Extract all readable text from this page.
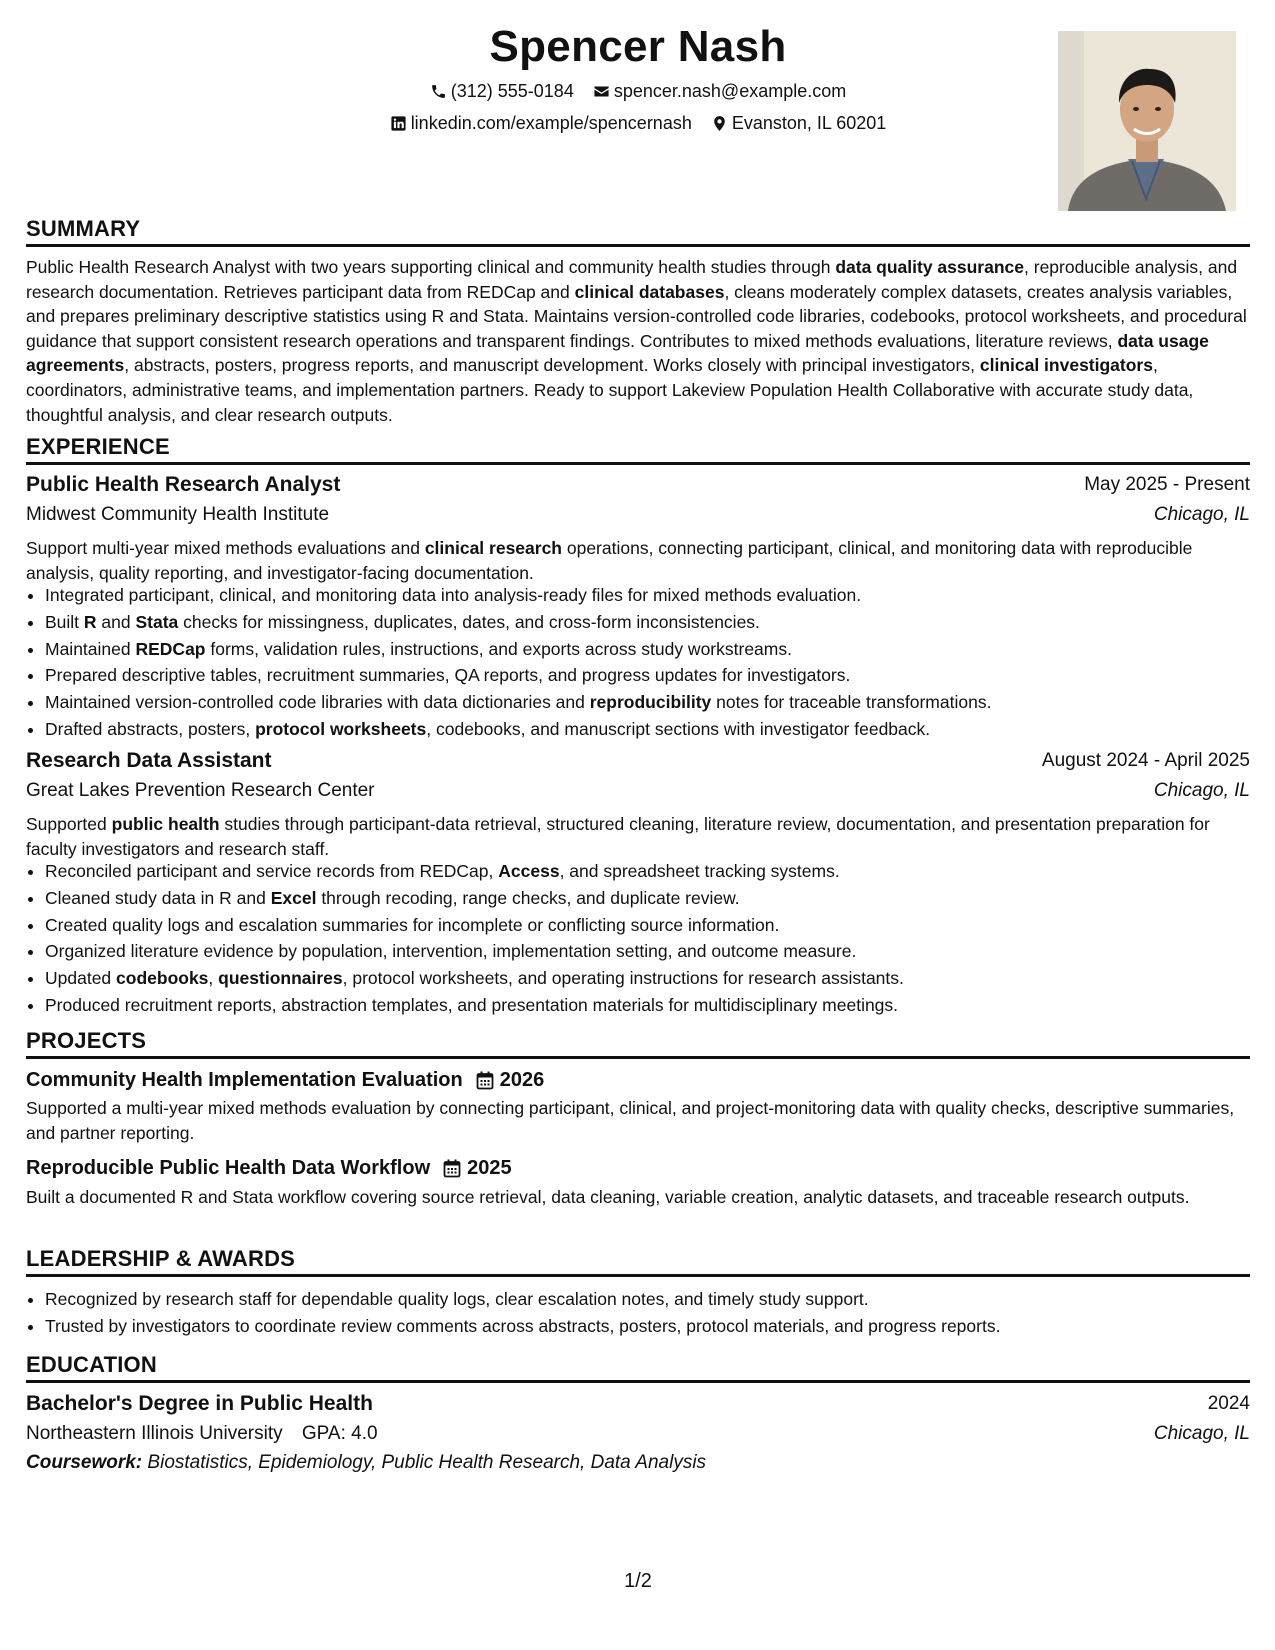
Spencer Nash
(312) 555-0184
spencer.nash@example.com
linkedin.com/example/spencernash
Evanston, IL 60201
SUMMARY
Public Health Research Analyst with two years supporting clinical and community health studies through data quality assurance, reproducible analysis, and research documentation. Retrieves participant data from REDCap and clinical databases, cleans moderately complex datasets, creates analysis variables, and prepares preliminary descriptive statistics using R and Stata. Maintains version-controlled code libraries, codebooks, protocol worksheets, and procedural guidance that support consistent research operations and transparent findings. Contributes to mixed methods evaluations, literature reviews, data usage agreements, abstracts, posters, progress reports, and manuscript development. Works closely with principal investigators, clinical investigators, coordinators, administrative teams, and implementation partners. Ready to support Lakeview Population Health Collaborative with accurate study data, thoughtful analysis, and clear research outputs.
EXPERIENCE
Public Health Research Analyst	May 2025 - Present
Midwest Community Health Institute	Chicago, IL
Support multi-year mixed methods evaluations and clinical research operations, connecting participant, clinical, and monitoring data with reproducible analysis, quality reporting, and investigator-facing documentation.
• Integrated participant, clinical, and monitoring data into analysis-ready files for mixed methods evaluation.
• Built R and Stata checks for missingness, duplicates, dates, and cross-form inconsistencies.
• Maintained REDCap forms, validation rules, instructions, and exports across study workstreams.
• Prepared descriptive tables, recruitment summaries, QA reports, and progress updates for investigators.
• Maintained version-controlled code libraries with data dictionaries and reproducibility notes for traceable transformations.
• Drafted abstracts, posters, protocol worksheets, codebooks, and manuscript sections with investigator feedback.
Research Data Assistant	August 2024 - April 2025
Great Lakes Prevention Research Center	Chicago, IL
Supported public health studies through participant-data retrieval, structured cleaning, literature review, documentation, and presentation preparation for faculty investigators and research staff.
• Reconciled participant and service records from REDCap, Access, and spreadsheet tracking systems.
• Cleaned study data in R and Excel through recoding, range checks, and duplicate review.
• Created quality logs and escalation summaries for incomplete or conflicting source information.
• Organized literature evidence by population, intervention, implementation setting, and outcome measure.
• Updated codebooks, questionnaires, protocol worksheets, and operating instructions for research assistants.
• Produced recruitment reports, abstraction templates, and presentation materials for multidisciplinary meetings.
PROJECTS
Community Health Implementation Evaluation 2026
Supported a multi-year mixed methods evaluation by connecting participant, clinical, and project-monitoring data with quality checks, descriptive summaries, and partner reporting.
Reproducible Public Health Data Workflow 2025
Built a documented R and Stata workflow covering source retrieval, data cleaning, variable creation, analytic datasets, and traceable research outputs.
LEADERSHIP & AWARDS
• Recognized by research staff for dependable quality logs, clear escalation notes, and timely study support.
• Trusted by investigators to coordinate review comments across abstracts, posters, protocol materials, and progress reports.
EDUCATION
Bachelor's Degree in Public Health	2024
Northeastern Illinois University GPA: 4.0	Chicago, IL
Coursework: Biostatistics, Epidemiology, Public Health Research, Data Analysis
1/2
